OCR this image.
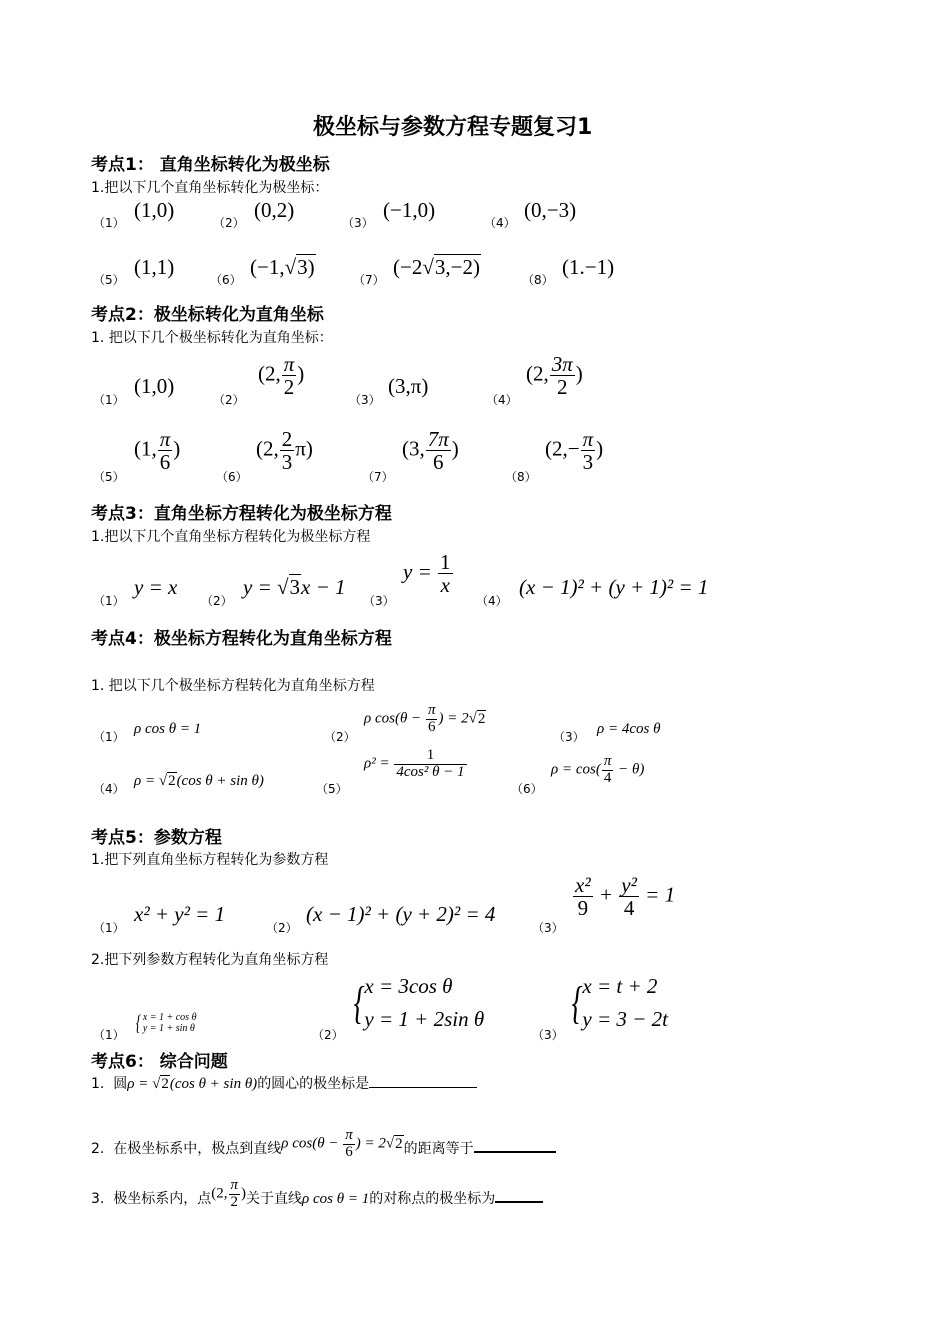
极坐标与参数方程专题复习1
考点1： 直角坐标转化为极坐标
1.把以下几个直角坐标转化为极坐标：
（1）
(1,0)
（2）
(0,2)
（3）
(−1,0)
（4）
(0,−3)
（5）
(1,1)
（6）
(−1,√3)
（7）
(−2√3,−2)
（8）
(1.−1)
考点2：极坐标转化为直角坐标
1. 把以下几个极坐标转化为直角坐标：
（1）
(1,0)
（2）
(2, $\frac{\pi}{2}$ )
（3）
(3,π)
（4）
(2, $\frac{3\pi}{2}$ )
（5）
(1, $\frac{\pi}{6}$ )
（6）
(2, $\frac{2}{3} \pi$)
（7）
(3, $\frac{7\pi}{6}$ )
（8）
($2,- \frac{\pi}{3}$ )
考点3：直角坐标方程转化为极坐标方程
1.把以下几个直角坐标方程转化为极坐标方程
（1）
y = x
（2）
y = √3x − 1
（3）
$y = \frac{1}{x}$
（4）
(x − 1)² + (y + 1)² = 1
考点4：极坐标方程转化为直角坐标方程
1. 把以下几个极坐标方程转化为直角坐标方程
（1） ρ cos θ = 1	（2）
ρ $\cos(\theta - \frac{\pi}{6}$ ) = 2√2
（3） ρ = 4cos θ
（4） ρ = √2(cos θ + sin θ)	（5）
$\rho^2 = \frac{1}{\text{4cos² θ − 1}}$
（6）
$\rho = \cos( \frac{\pi}{4} - \theta)$
考点5：参数方程
1.把下列直角坐标方程转化为参数方程
（1）
x² + y² = 1
（2）
(x − 1)² + (y + 2)² = 4
（3）
$\frac{\text{x²}}{9} + \frac{\text{y²}}{4} = 1$
2.把下列参数方程转化为直角坐标方程
（1） { x = 1 + cos θ
y = 1 + sin θ	（2）
{ x = 3cos θ
y = 1 + 2sin θ
（3）
{ x = t + 2
y = 3 − 2t
考点6： 综合问题
1. 圆ρ = √2(cos θ + sin θ)的圆心的极坐标是
2. 在极坐标系中，极点到直线ρ $\cos(\theta - \frac{\pi}{6}$ ) = 2√2的距离等于
3. 极坐标系内，点(2, $\frac{\pi}{2}$ )关于直线ρ cos θ = 1的对称点的极坐标为
